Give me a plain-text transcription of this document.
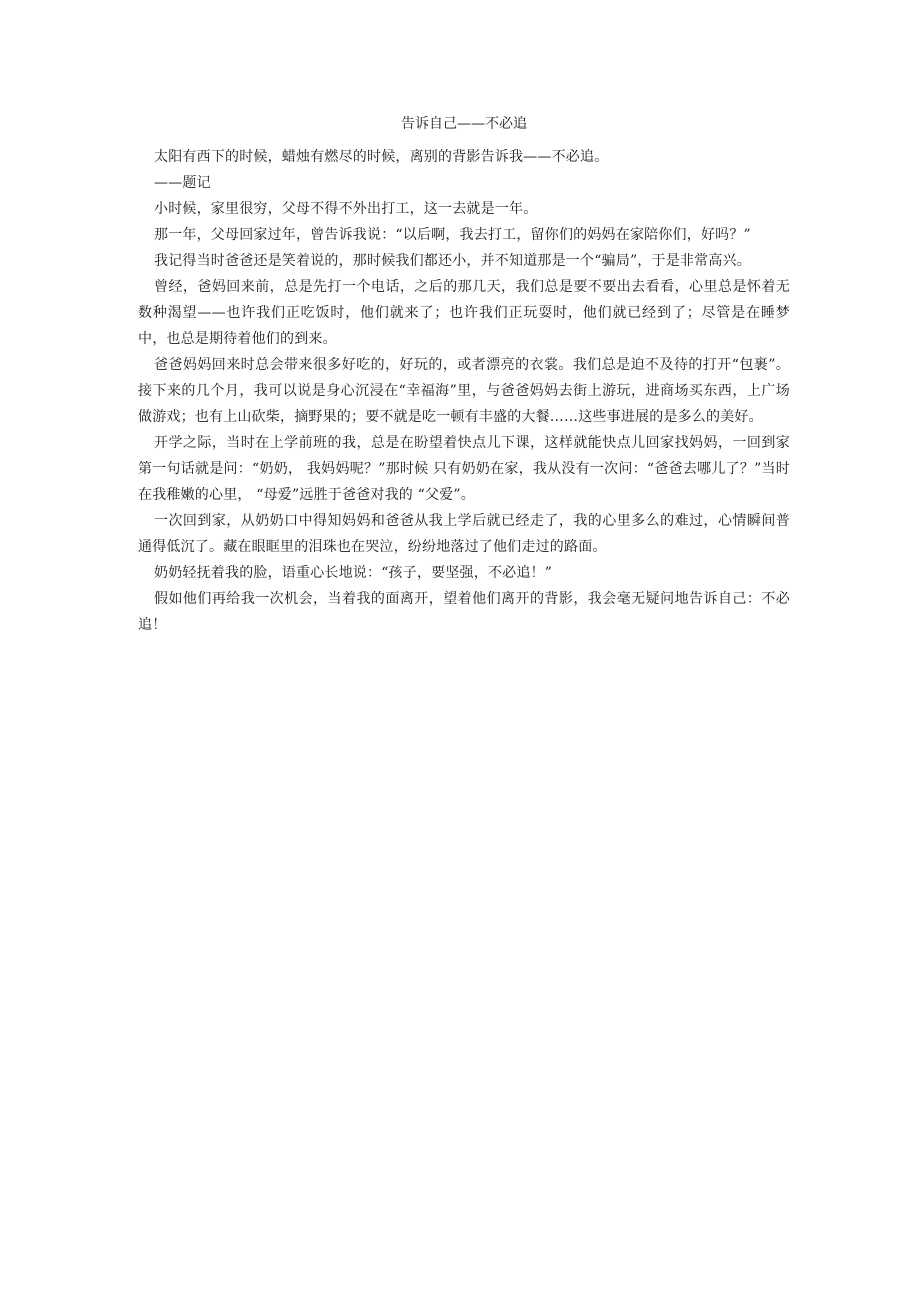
告诉自己——不必追

太阳有西下的时候，蜡烛有燃尽的时候，离别的背影告诉我——不必追。

——题记

小时候，家里很穷，父母不得不外出打工，这一去就是一年。

那一年，父母回家过年，曾告诉我说：“以后啊，我去打工，留你们的妈妈在家陪你们，好吗？”

我记得当时爸爸还是笑着说的，那时候我们都还小，并不知道那是一个“骗局”，于是非常高兴。

曾经，爸妈回来前，总是先打一个电话，之后的那几天，我们总是要不要出去看看，心里总是怀着无数种渴望——也许我们正吃饭时，他们就来了；也许我们正玩耍时，他们就已经到了；尽管是在睡梦中，也总是期待着他们的到来。

爸爸妈妈回来时总会带来很多好吃的，好玩的，或者漂亮的衣裳。我们总是迫不及待的打开“包裹”。接下来的几个月，我可以说是身心沉浸在“幸福海”里，与爸爸妈妈去街上游玩，进商场买东西，上广场做游戏；也有上山砍柴，摘野果的；要不就是吃一顿有丰盛的大餐……这些事进展的是多么的美好。

开学之际，当时在上学前班的我，总是在盼望着快点儿下课，这样就能快点儿回家找妈妈，一回到家第一句话就是问：“奶奶， 我妈妈呢？”那时候 只有奶奶在家，我从没有一次问：“爸爸去哪儿了？”当时在我稚嫩的心里， “母爱”远胜于爸爸对我的 “父爱”。

一次回到家，从奶奶口中得知妈妈和爸爸从我上学后就已经走了，我的心里多么的难过，心情瞬间普通得低沉了。藏在眼眶里的泪珠也在哭泣，纷纷地落过了他们走过的路面。

奶奶轻抚着我的脸，语重心长地说：“孩子，要坚强，不必追！”

假如他们再给我一次机会，当着我的面离开，望着他们离开的背影，我会毫无疑问地告诉自己：不必追！
